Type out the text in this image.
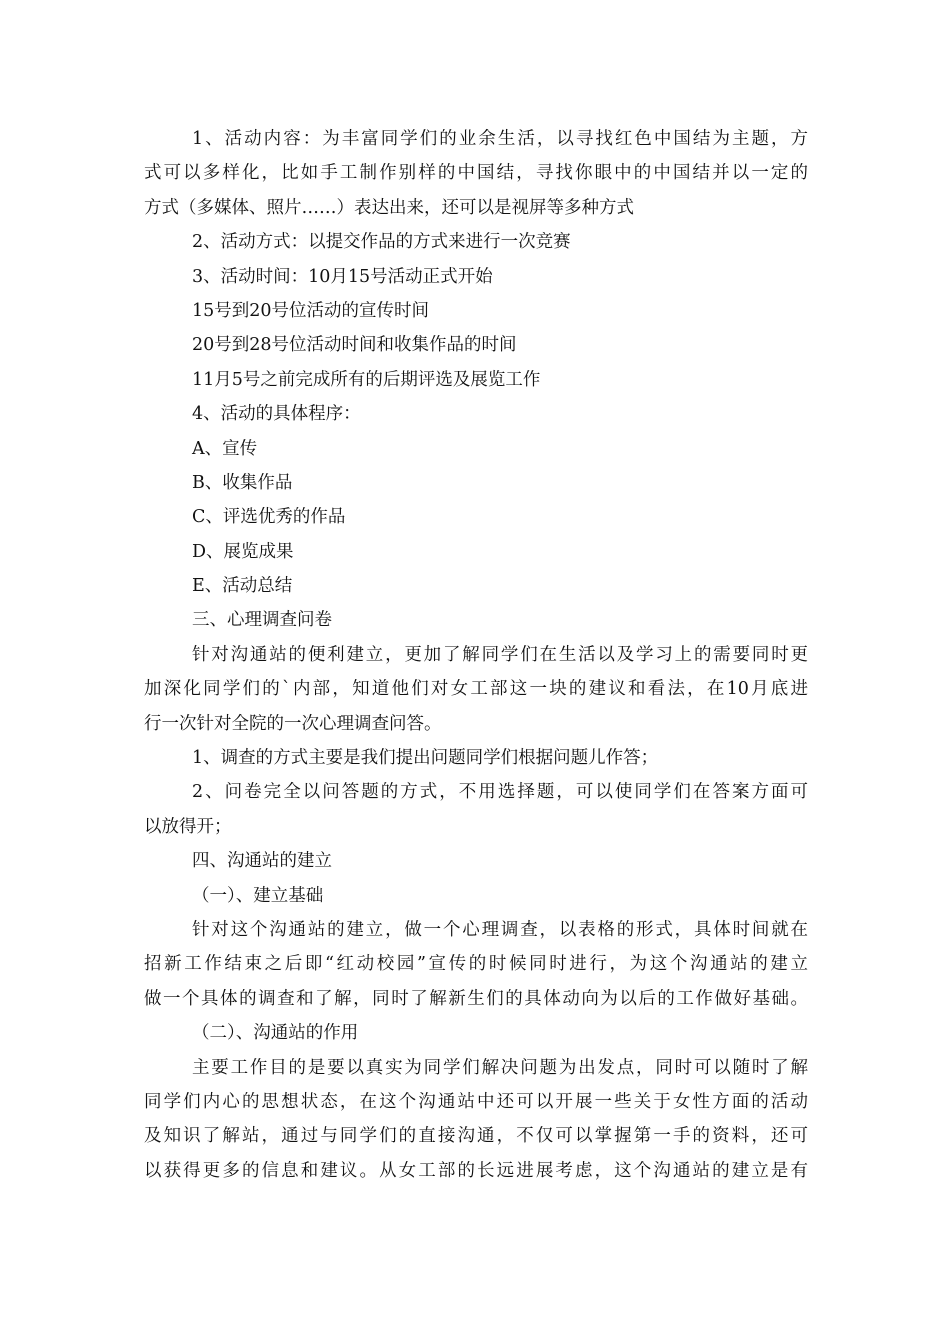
1、活动内容：为丰富同学们的业余生活，以寻找红色中国结为主题，方
式可以多样化，比如手工制作别样的中国结，寻找你眼中的中国结并以一定的
方式（多媒体、照片……）表达出来，还可以是视屏等多种方式
2、活动方式：以提交作品的方式来进行一次竞赛
3、活动时间：10月15号活动正式开始
15号到20号位活动的宣传时间
20号到28号位活动时间和收集作品的时间
11月5号之前完成所有的后期评选及展览工作
4、活动的具体程序：
A、宣传
B、收集作品
C、评选优秀的作品
D、展览成果
E、活动总结
三、心理调查问卷
针对沟通站的便利建立，更加了解同学们在生活以及学习上的需要同时更
加深化同学们的`内部，知道他们对女工部这一块的建议和看法，在10月底进
行一次针对全院的一次心理调查问答。
1、调查的方式主要是我们提出问题同学们根据问题儿作答；
2、问卷完全以问答题的方式，不用选择题，可以使同学们在答案方面可
以放得开；
四、沟通站的建立
（一）、建立基础
针对这个沟通站的建立，做一个心理调查，以表格的形式，具体时间就在
招新工作结束之后即“红动校园”宣传的时候同时进行，为这个沟通站的建立
做一个具体的调查和了解，同时了解新生们的具体动向为以后的工作做好基础。
（二）、沟通站的作用
主要工作目的是要以真实为同学们解决问题为出发点，同时可以随时了解
同学们内心的思想状态，在这个沟通站中还可以开展一些关于女性方面的活动
及知识了解站，通过与同学们的直接沟通，不仅可以掌握第一手的资料，还可
以获得更多的信息和建议。从女工部的长远进展考虑，这个沟通站的建立是有
